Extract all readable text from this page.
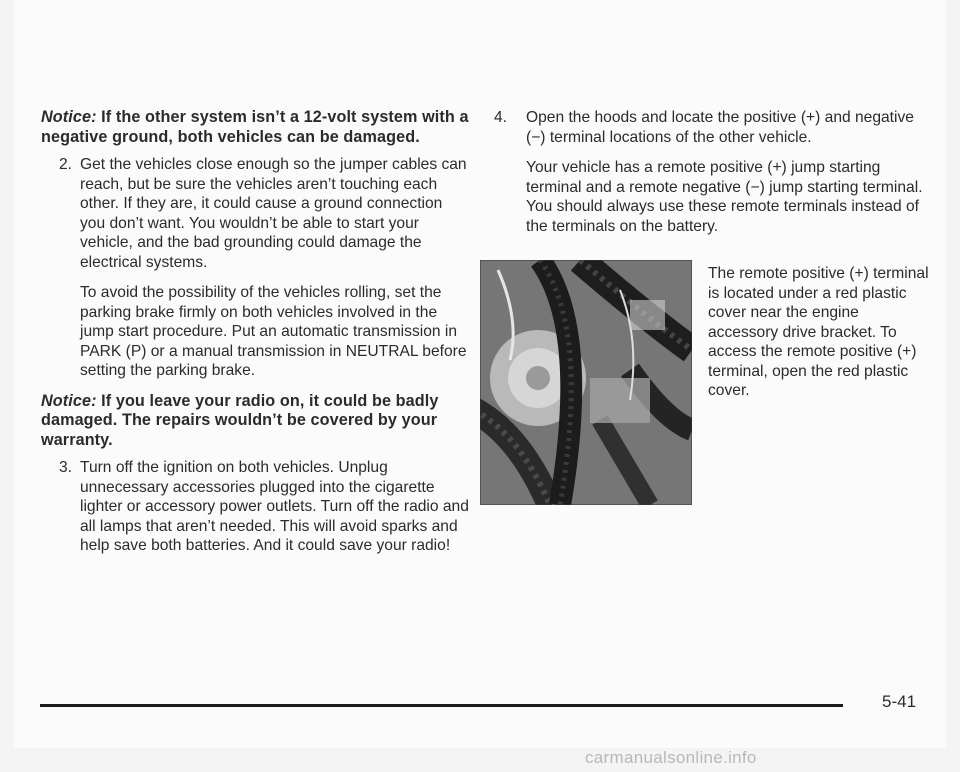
Notice: If the other system isn’t a 12-volt system with a negative ground, both vehicles can be damaged.
2. Get the vehicles close enough so the jumper cables can reach, but be sure the vehicles aren’t touching each other. If they are, it could cause a ground connection you don’t want. You wouldn’t be able to start your vehicle, and the bad grounding could damage the electrical systems.

To avoid the possibility of the vehicles rolling, set the parking brake firmly on both vehicles involved in the jump start procedure. Put an automatic transmission in PARK (P) or a manual transmission in NEUTRAL before setting the parking brake.

Notice: If you leave your radio on, it could be badly damaged. The repairs wouldn’t be covered by your warranty.
3. Turn off the ignition on both vehicles. Unplug unnecessary accessories plugged into the cigarette lighter or accessory power outlets. Turn off the radio and all lamps that aren’t needed. This will avoid sparks and help save both batteries. And it could save your radio!

4.	Open the hoods and locate the positive (+) and negative (−) terminal locations of the other vehicle.

Your vehicle has a remote positive (+) jump starting terminal and a remote negative (−) jump starting terminal. You should always use these remote terminals instead of the terminals on the battery.

The remote positive (+) terminal is located under a red plastic cover near the engine accessory drive bracket. To access the remote positive (+) terminal, open the red plastic cover.
5-41
carmanualsonline.info
